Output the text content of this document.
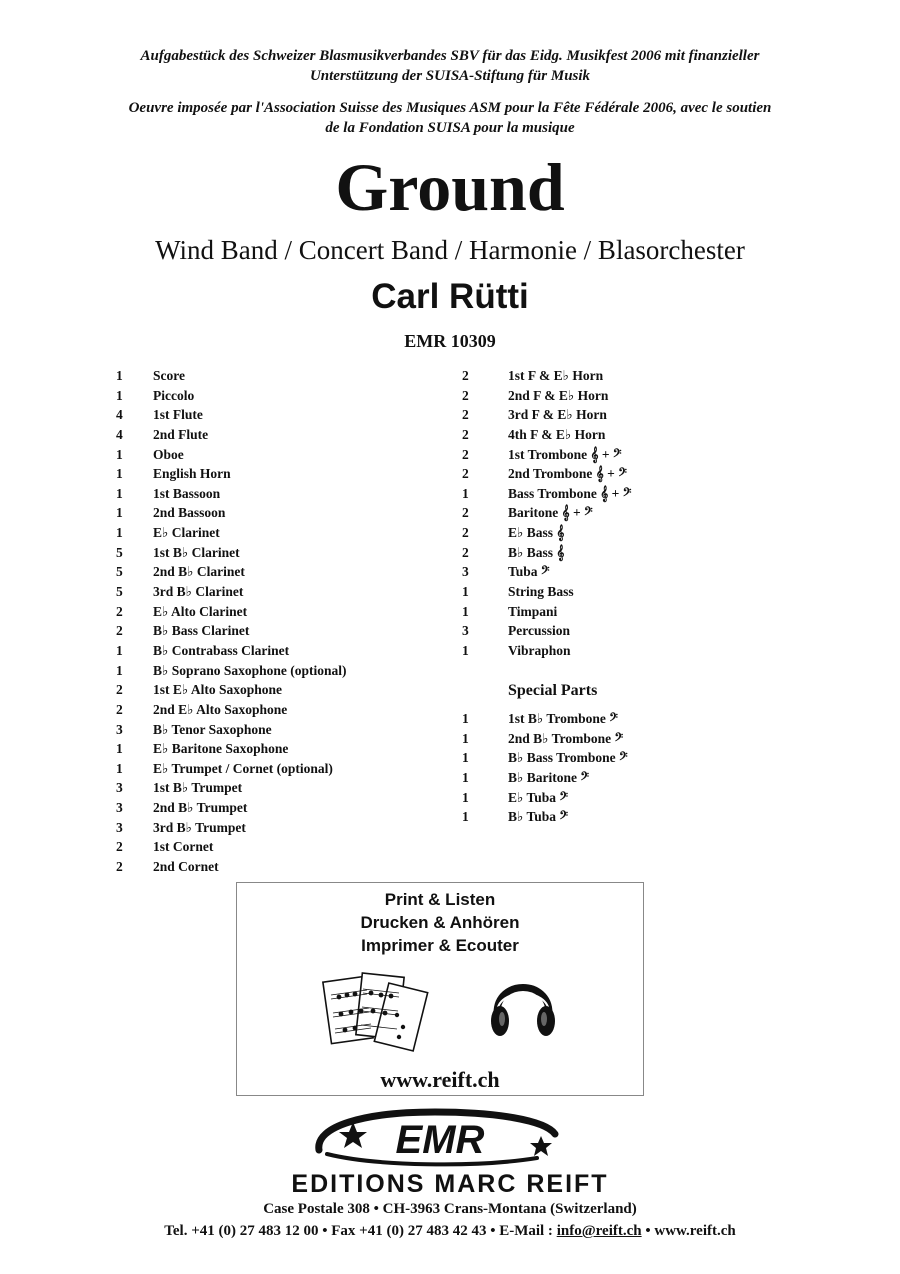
Aufgabestück des Schweizer Blasmusikverbandes SBV für das Eidg. Musikfest 2006 mit finanzieller
Unterstützung der SUISA-Stiftung für Musik
Oeuvre imposée par l'Association Suisse des Musiques ASM pour la Fête Fédérale 2006, avec le soutien
de la Fondation SUISA pour la musique
Ground
Wind Band / Concert Band / Harmonie / Blasorchester
Carl Rütti
EMR 10309
1	Score
1	Piccolo
4	1st Flute
4	2nd Flute
1	Oboe
1	English Horn
1	1st Bassoon
1	2nd Bassoon
1	E♭ Clarinet
5	1st B♭ Clarinet
5	2nd B♭ Clarinet
5	3rd B♭ Clarinet
2	E♭ Alto Clarinet
2	B♭ Bass Clarinet
1	B♭ Contrabass Clarinet
1	B♭ Soprano Saxophone (optional)
2	1st E♭ Alto Saxophone
2	2nd E♭ Alto Saxophone
3	B♭ Tenor Saxophone
1	E♭ Baritone Saxophone
1	E♭ Trumpet / Cornet (optional)
3	1st B♭ Trumpet
3	2nd B♭ Trumpet
3	3rd B♭ Trumpet
2	1st Cornet
2	2nd Cornet
2	1st F & E♭ Horn
2	2nd F & E♭ Horn
2	3rd F & E♭ Horn
2	4th F & E♭ Horn
2	1st Trombone 𝄞 + 𝄢
2	2nd Trombone 𝄞 + 𝄢
1	Bass Trombone 𝄞 + 𝄢
2	Baritone 𝄞 + 𝄢
2	E♭ Bass 𝄞
2	B♭ Bass 𝄞
3	Tuba 𝄢
1	String Bass
1	Timpani
3	Percussion
1	Vibraphon
Special Parts
1	1st B♭ Trombone 𝄢
1	2nd B♭ Trombone 𝄢
1	B♭ Bass Trombone 𝄢
1	B♭ Baritone 𝄢
1	E♭ Tuba 𝄢
1	B♭ Tuba 𝄢
Print & Listen
Drucken & Anhören
Imprimer & Ecouter
www.reift.ch
EMR
EDITIONS MARC REIFT
Case Postale 308 • CH-3963 Crans-Montana (Switzerland)
Tel. +41 (0) 27 483 12 00 • Fax +41 (0) 27 483 42 43 • E-Mail : info@reift.ch • www.reift.ch
